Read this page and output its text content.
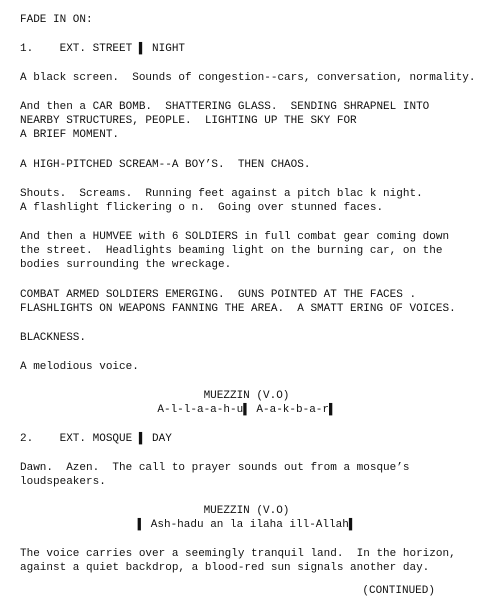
FADE IN ON:
1.    EXT. STREET ▌ NIGHT
A black screen.  Sounds of congestion--cars, conversation, normality.
And then a CAR BOMB.  SHATTERING GLASS.  SENDING SHRAPNEL INTO
NEARBY STRUCTURES, PEOPLE.  LIGHTING UP THE SKY FOR
A BRIEF MOMENT.
A HIGH-PITCHED SCREAM--A BOY’S.  THEN CHAOS.
Shouts.  Screams.  Running feet against a pitch blac k night.
A flashlight flickering o n.  Going over stunned faces.
And then a HUMVEE with 6 SOLDIERS in full combat gear coming down
the street.  Headlights beaming light on the burning car, on the
bodies surrounding the wreckage.
COMBAT ARMED SOLDIERS EMERGING.  GUNS POINTED AT THE FACES .
FLASHLIGHTS ON WEAPONS FANNING THE AREA.  A SMATT ERING OF VOICES.
BLACKNESS.
A melodious voice.
MUEZZIN (V.O)
A-l-l-a-a-h-u▌ A-a-k-b-a-r▌
2.    EXT. MOSQUE ▌ DAY
Dawn.  Azen.  The call to prayer sounds out from a mosque’s
loudspeakers.
MUEZZIN (V.O)
▌ Ash-hadu an la ilaha ill-Allah▌
The voice carries over a seemingly tranquil land.  In the horizon,
against a quiet backdrop, a blood-red sun signals another day.
(CONTINUED)
